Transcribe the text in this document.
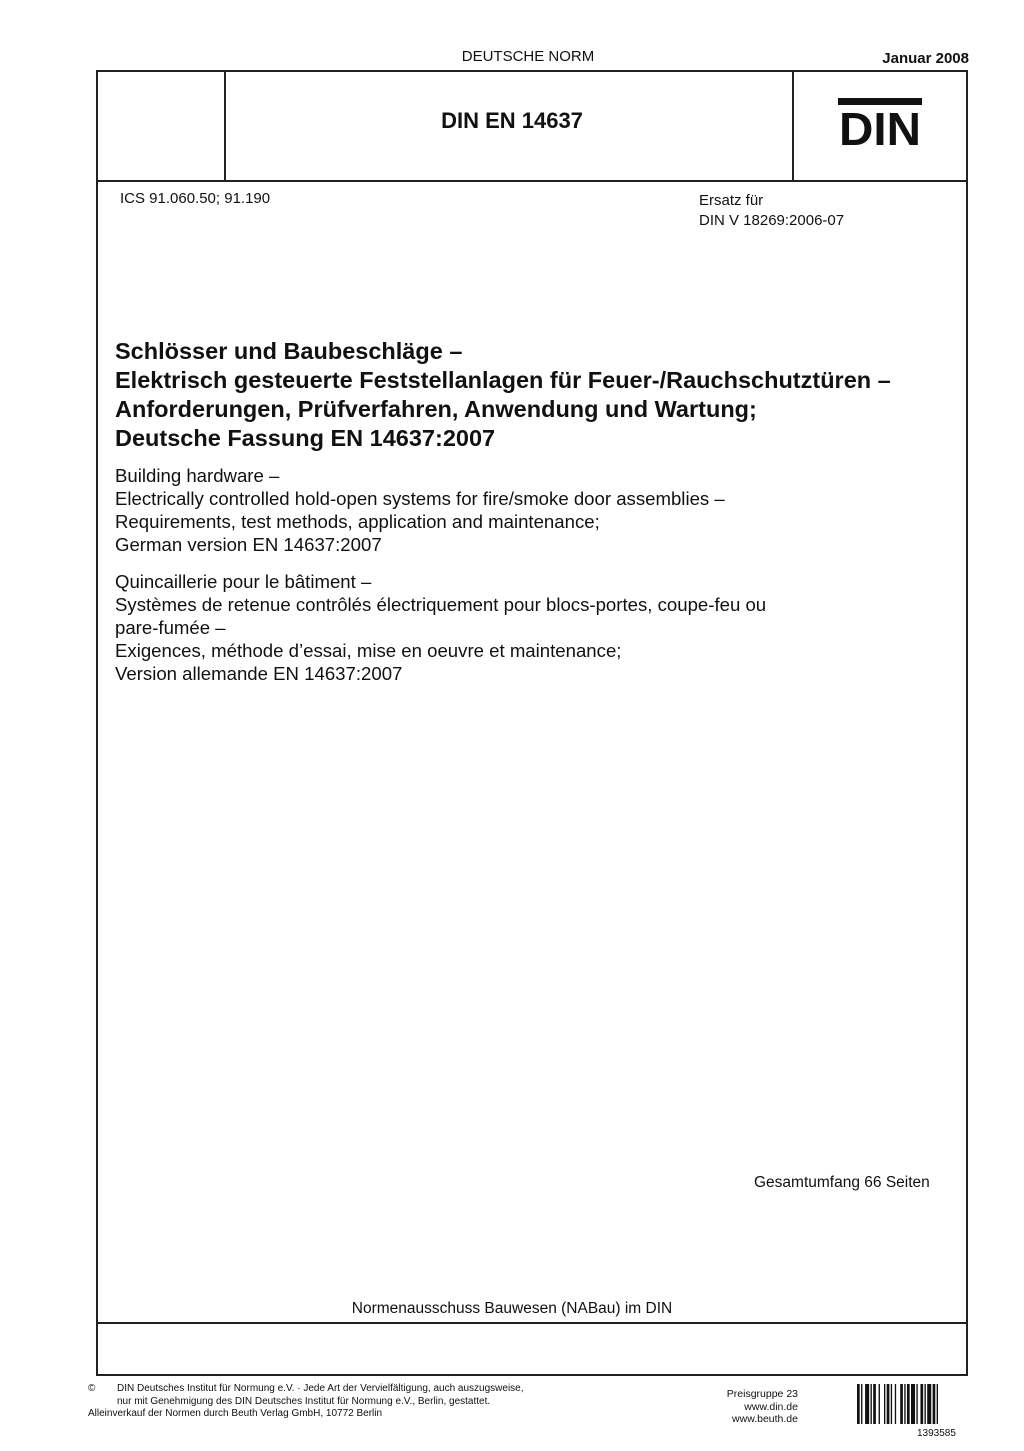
DEUTSCHE NORM	Januar 2008
DIN EN 14637	DIN
ICS 91.060.50; 91.190	Ersatz für
DIN V 18269:2006-07
Schlösser und Baubeschläge –
Elektrisch gesteuerte Feststellanlagen für Feuer-/Rauchschutztüren –
Anforderungen, Prüfverfahren, Anwendung und Wartung;
Deutsche Fassung EN 14637:2007
Building hardware –
Electrically controlled hold-open systems for fire/smoke door assemblies –
Requirements, test methods, application and maintenance;
German version EN 14637:2007
Quincaillerie pour le bâtiment –
Systèmes de retenue contrôlés électriquement pour blocs-portes, coupe-feu ou
pare-fumée –
Exigences, méthode d’essai, mise en oeuvre et maintenance;
Version allemande EN 14637:2007
Gesamtumfang 66 Seiten
Normenausschuss Bauwesen (NABau) im DIN
©	DIN Deutsches Institut für Normung e.V. · Jede Art der Vervielfältigung, auch auszugsweise,
nur mit Genehmigung des DIN Deutsches Institut für Normung e.V., Berlin, gestattet.
Alleinverkauf der Normen durch Beuth Verlag GmbH, 10772 Berlin
Preisgruppe 23
www.din.de
www.beuth.de
1393585
